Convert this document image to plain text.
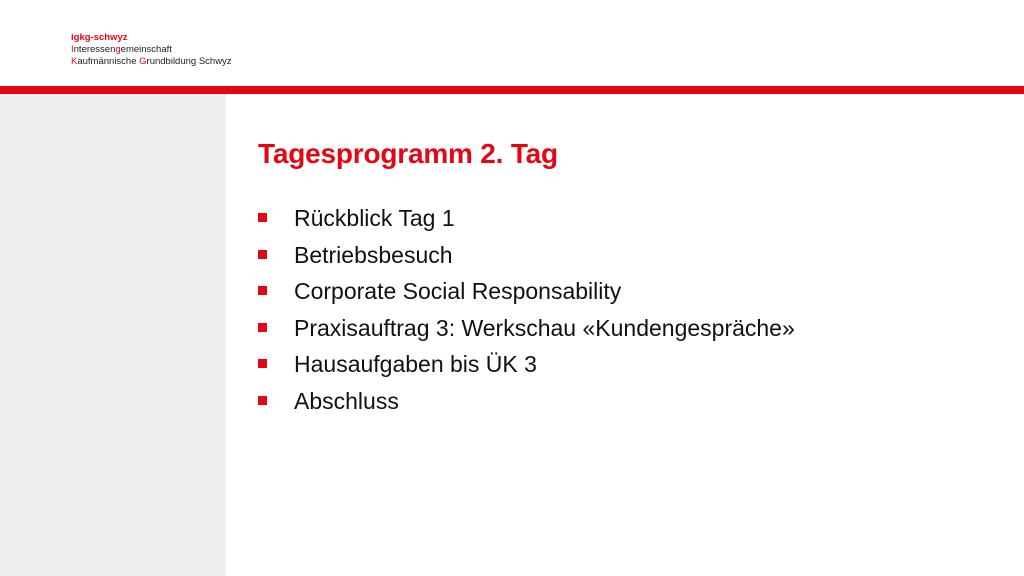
igkg-schwyz
Interessengemeinschaft
Kaufmännische Grundbildung Schwyz
Tagesprogramm 2. Tag
Rückblick Tag 1
Betriebsbesuch
Corporate Social Responsability
Praxisauftrag 3: Werkschau «Kundengespräche»
Hausaufgaben bis ÜK 3
Abschluss
